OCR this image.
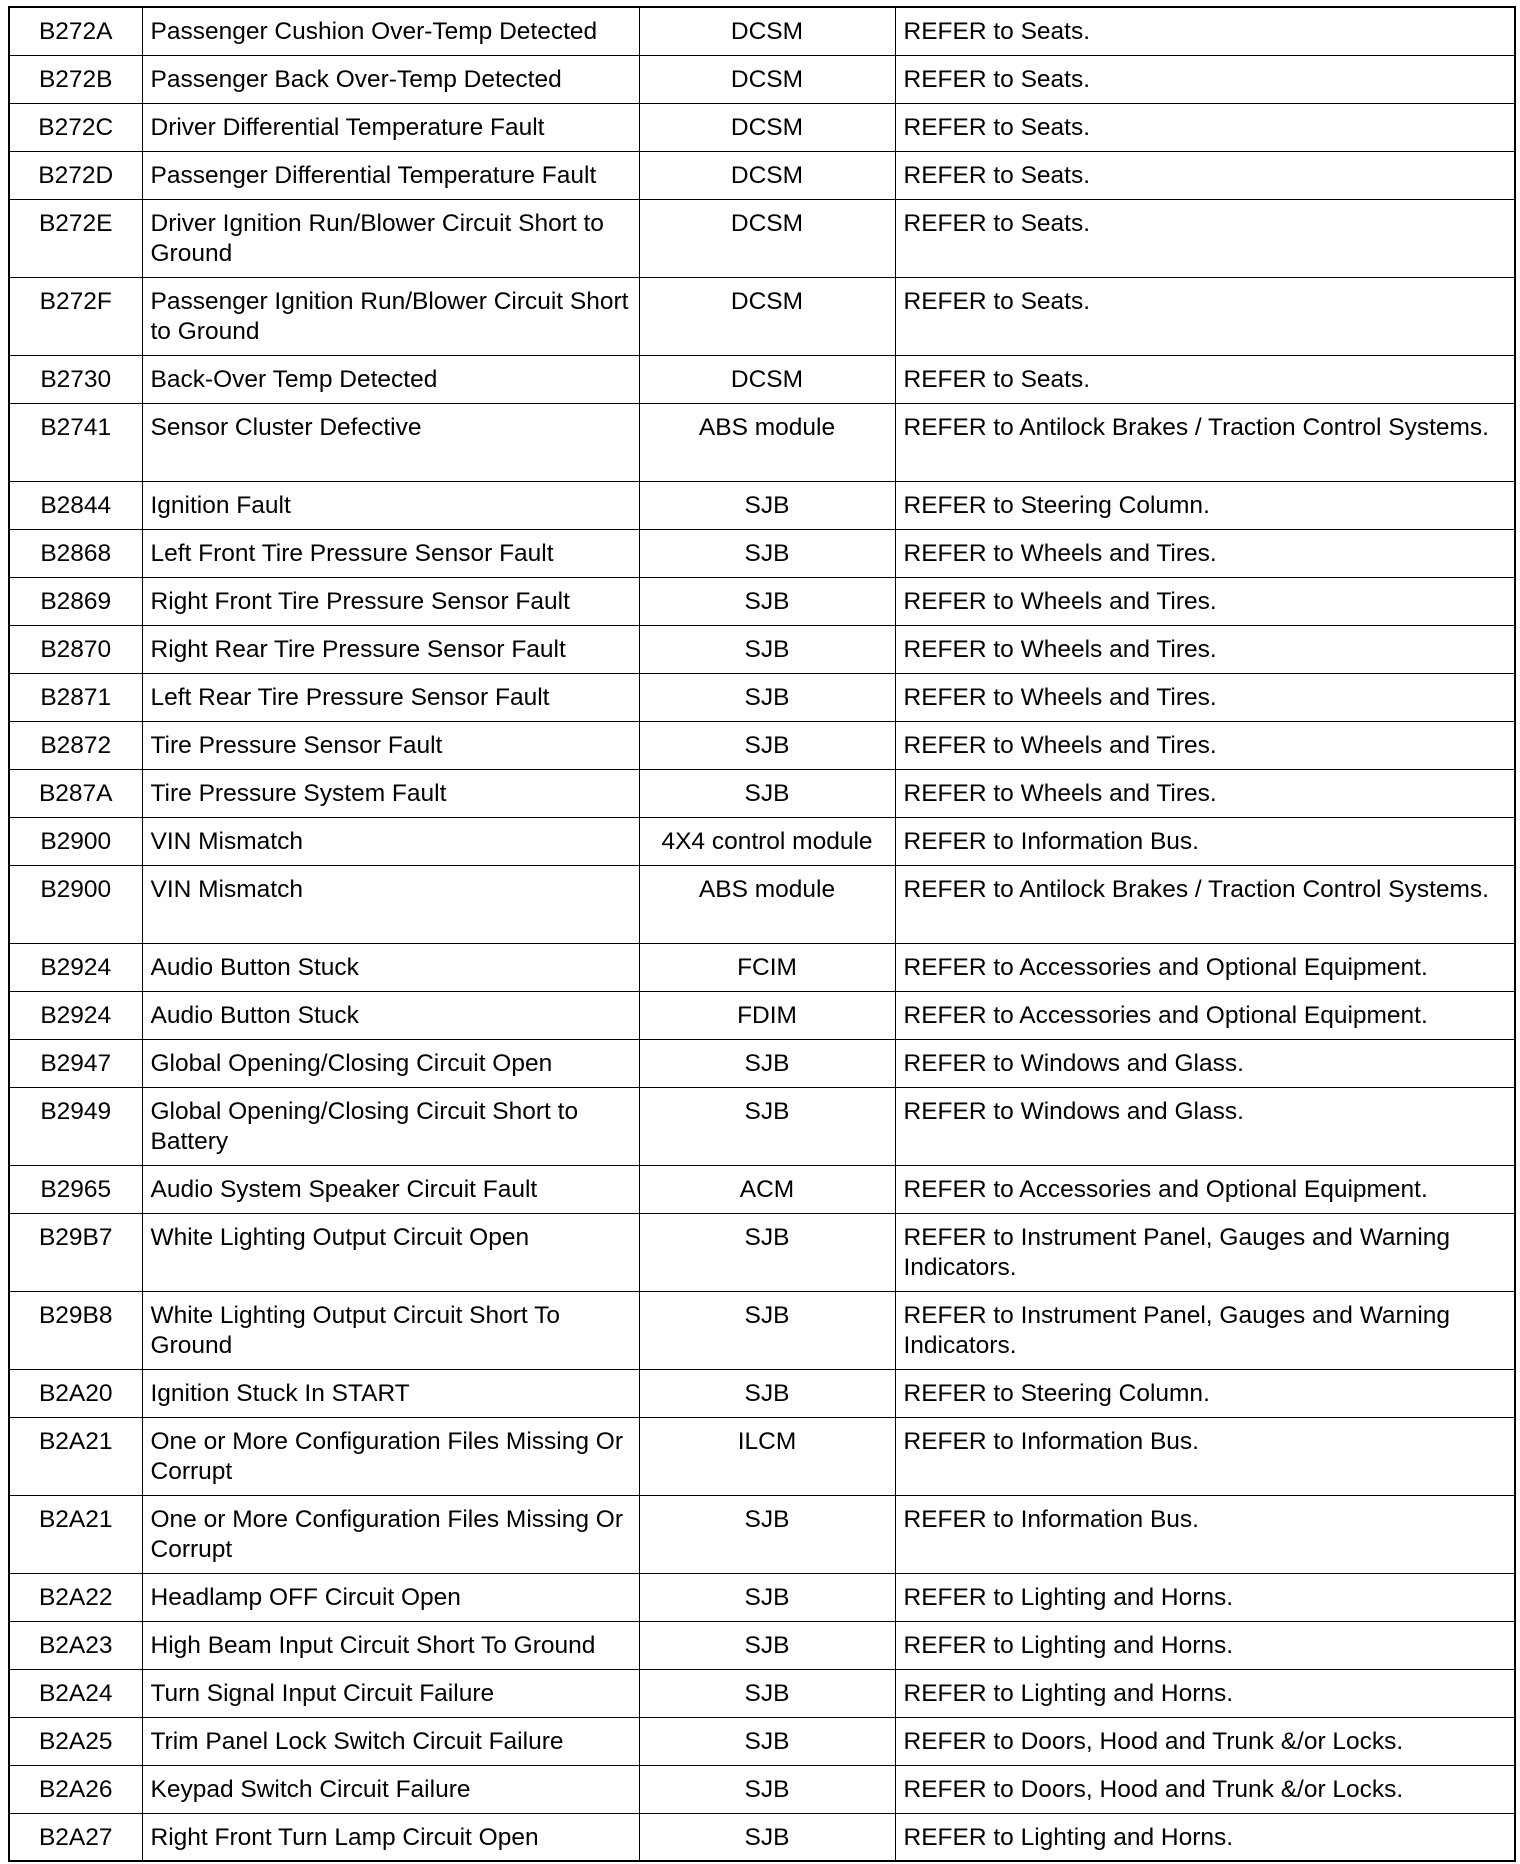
B272A	Passenger Cushion Over-Temp Detected	DCSM	REFER to Seats.
B272B	Passenger Back Over-Temp Detected	DCSM	REFER to Seats.
B272C	Driver Differential Temperature Fault	DCSM	REFER to Seats.
B272D	Passenger Differential Temperature Fault	DCSM	REFER to Seats.
B272E	Driver Ignition Run/Blower Circuit Short to Ground	DCSM	REFER to Seats.
B272F	Passenger Ignition Run/Blower Circuit Short to Ground	DCSM	REFER to Seats.
B2730	Back-Over Temp Detected	DCSM	REFER to Seats.
B2741	Sensor Cluster Defective	ABS module	REFER to Antilock Brakes / Traction Control Systems.
B2844	Ignition Fault	SJB	REFER to Steering Column.
B2868	Left Front Tire Pressure Sensor Fault	SJB	REFER to Wheels and Tires.
B2869	Right Front Tire Pressure Sensor Fault	SJB	REFER to Wheels and Tires.
B2870	Right Rear Tire Pressure Sensor Fault	SJB	REFER to Wheels and Tires.
B2871	Left Rear Tire Pressure Sensor Fault	SJB	REFER to Wheels and Tires.
B2872	Tire Pressure Sensor Fault	SJB	REFER to Wheels and Tires.
B287A	Tire Pressure System Fault	SJB	REFER to Wheels and Tires.
B2900	VIN Mismatch	4X4 control module	REFER to Information Bus.
B2900	VIN Mismatch	ABS module	REFER to Antilock Brakes / Traction Control Systems.
B2924	Audio Button Stuck	FCIM	REFER to Accessories and Optional Equipment.
B2924	Audio Button Stuck	FDIM	REFER to Accessories and Optional Equipment.
B2947	Global Opening/Closing Circuit Open	SJB	REFER to Windows and Glass.
B2949	Global Opening/Closing Circuit Short to Battery	SJB	REFER to Windows and Glass.
B2965	Audio System Speaker Circuit Fault	ACM	REFER to Accessories and Optional Equipment.
B29B7	White Lighting Output Circuit Open	SJB	REFER to Instrument Panel, Gauges and Warning Indicators.
B29B8	White Lighting Output Circuit Short To Ground	SJB	REFER to Instrument Panel, Gauges and Warning Indicators.
B2A20	Ignition Stuck In START	SJB	REFER to Steering Column.
B2A21	One or More Configuration Files Missing Or Corrupt	ILCM	REFER to Information Bus.
B2A21	One or More Configuration Files Missing Or Corrupt	SJB	REFER to Information Bus.
B2A22	Headlamp OFF Circuit Open	SJB	REFER to Lighting and Horns.
B2A23	High Beam Input Circuit Short To Ground	SJB	REFER to Lighting and Horns.
B2A24	Turn Signal Input Circuit Failure	SJB	REFER to Lighting and Horns.
B2A25	Trim Panel Lock Switch Circuit Failure	SJB	REFER to Doors, Hood and Trunk &/or Locks.
B2A26	Keypad Switch Circuit Failure	SJB	REFER to Doors, Hood and Trunk &/or Locks.
B2A27	Right Front Turn Lamp Circuit Open	SJB	REFER to Lighting and Horns.
